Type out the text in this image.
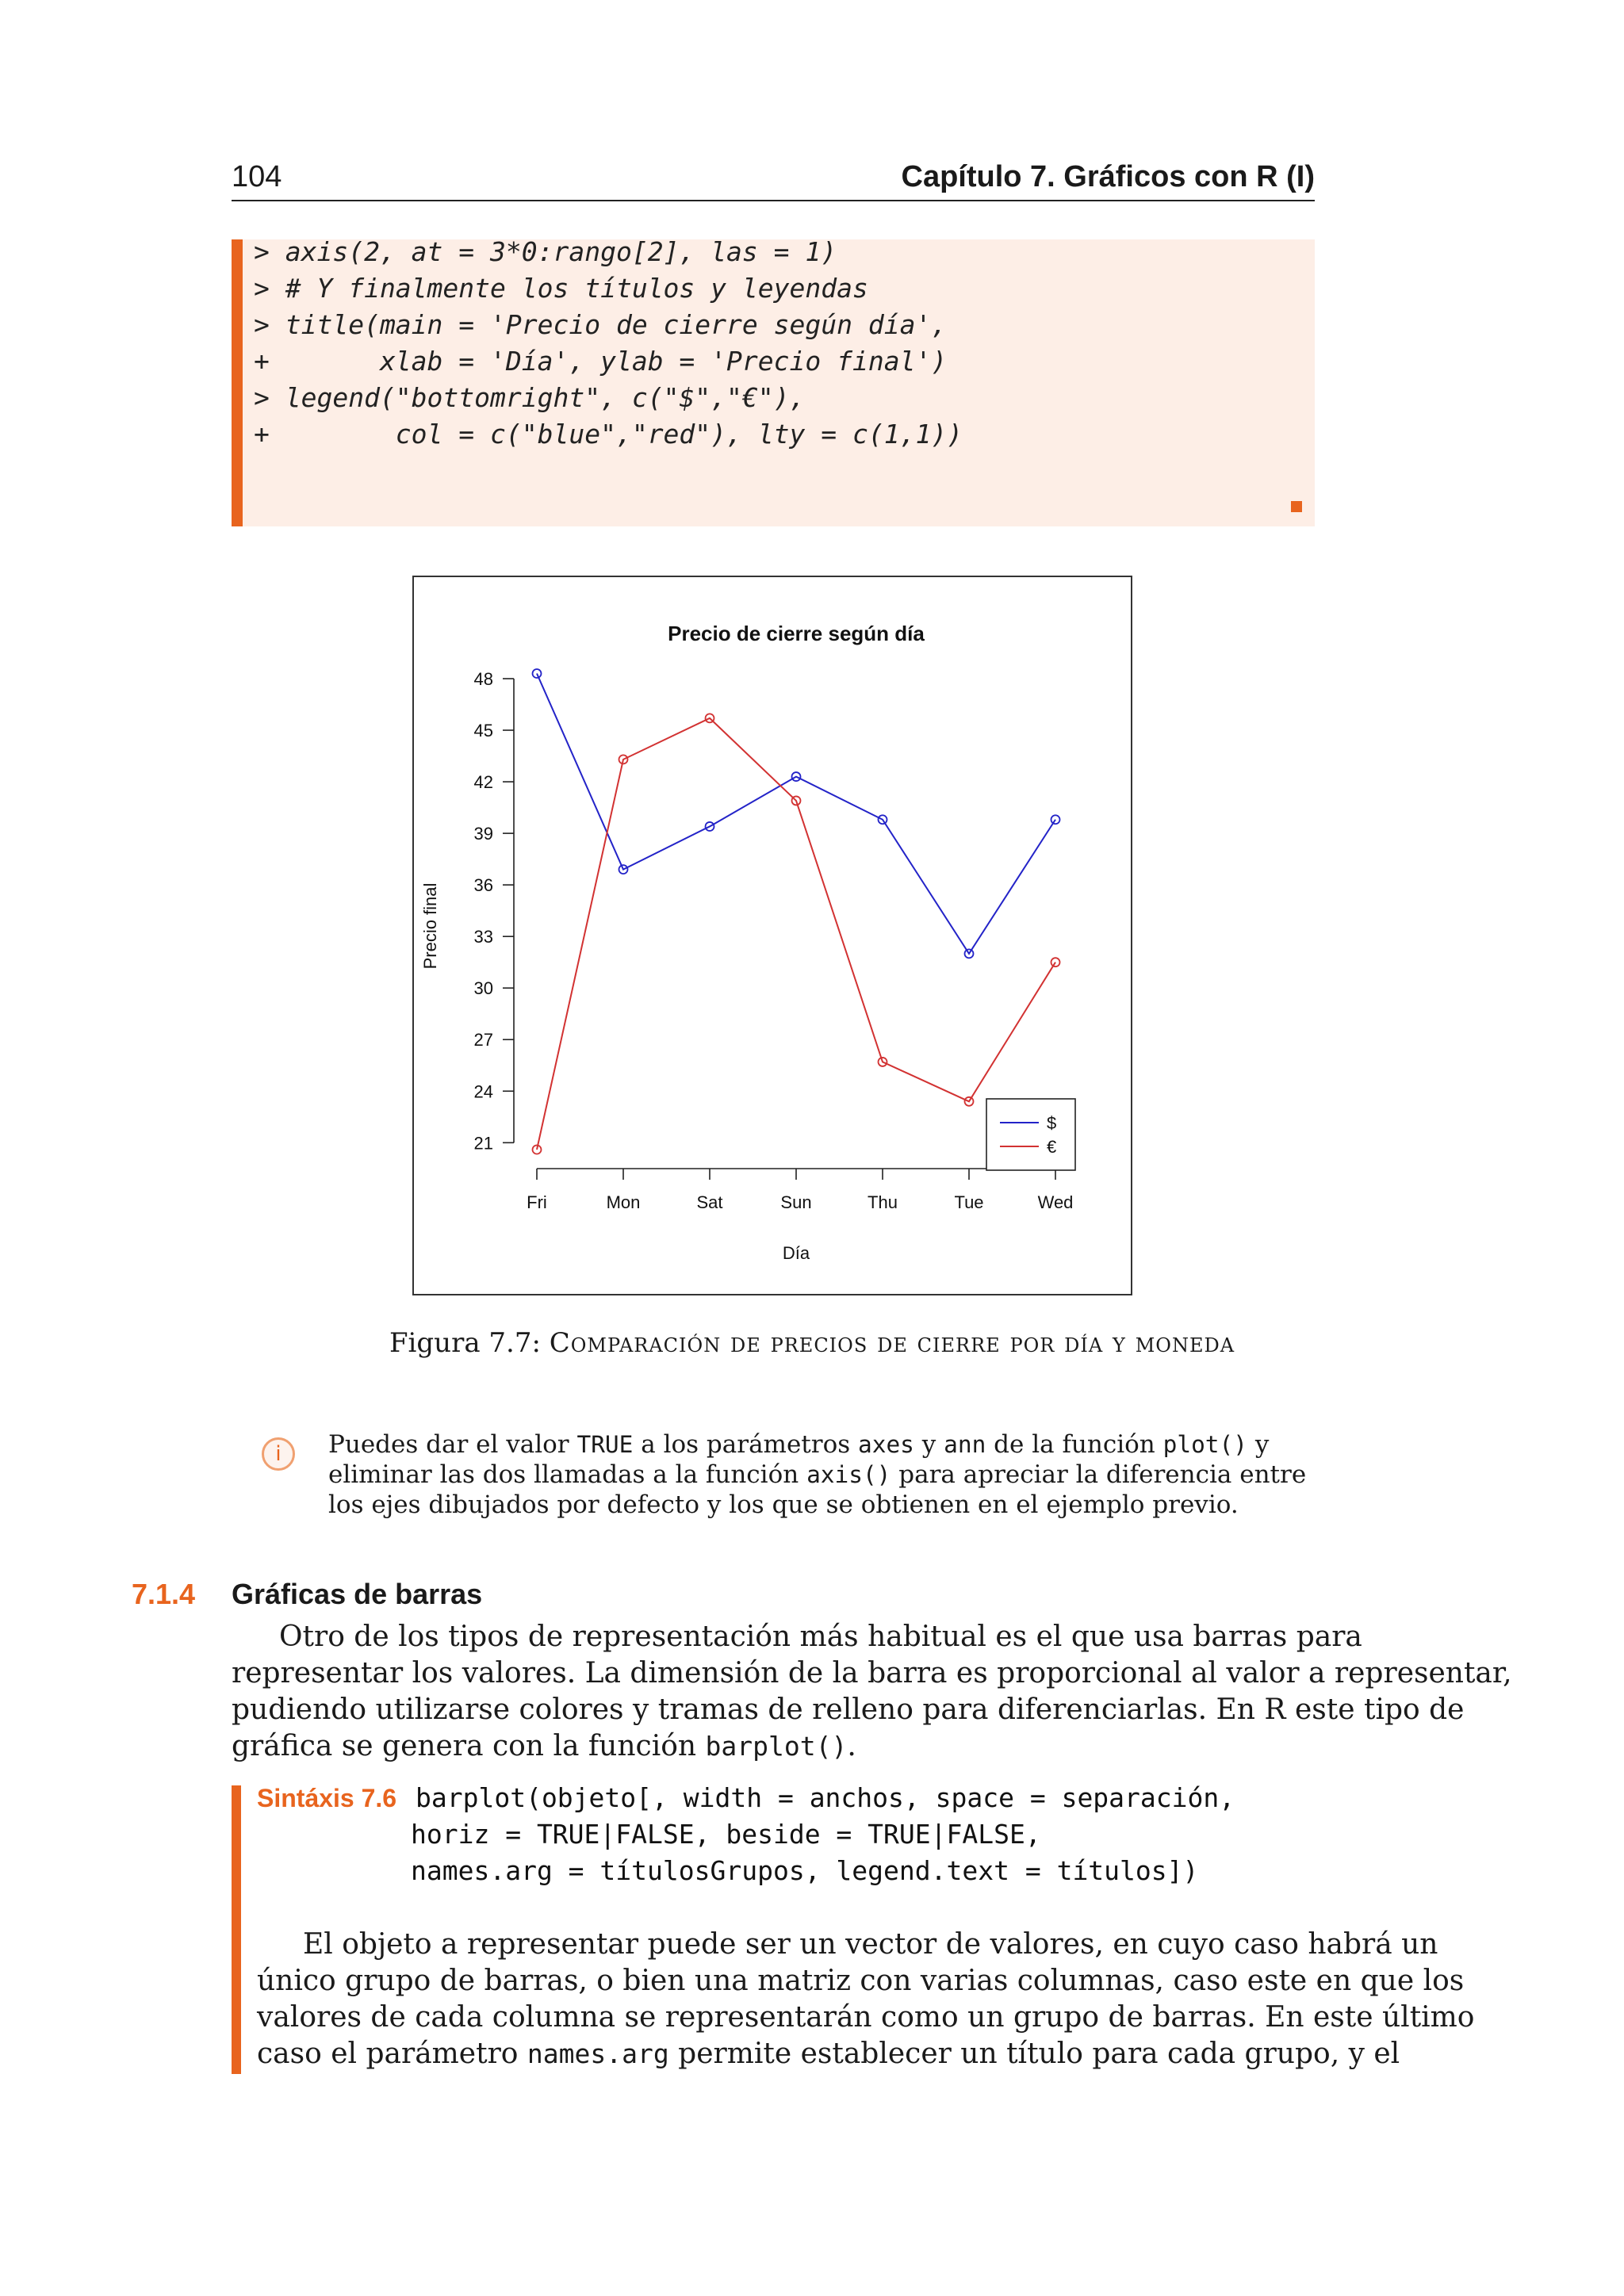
104	Capítulo 7. Gráficos con R (I)
> axis(2, at = 3*0:rango[2], las = 1)
> # Y finalmente los títulos y leyendas
> title(main = 'Precio de cierre según día',
+       xlab = 'Día', ylab = 'Precio final')
> legend("bottomright", c("$","€"),
+        col = c("blue","red"), lty = c(1,1))
Precio de cierre según día
Precio final
Día
21
24
27
30
33
36
39
42
45
48
Fri	Mon	Sat	Sun	Thu	Tue	Wed
$
€
Figura 7.7: Comparación de precios de cierre por día y moneda
i	Puedes dar el valor TRUE a los parámetros axes y ann de la función plot() y
eliminar las dos llamadas a la función axis() para apreciar la diferencia entre
los ejes dibujados por defecto y los que se obtienen en el ejemplo previo.
7.1.4 Gráficas de barras
Otro de los tipos de representación más habitual es el que usa barras para
representar los valores. La dimensión de la barra es proporcional al valor a representar,
pudiendo utilizarse colores y tramas de relleno para diferenciarlas. En R este tipo de
gráfica se genera con la función barplot().
Sintáxis 7.6 barplot(objeto[, width = anchos, space = separación,
horiz = TRUE|FALSE, beside = TRUE|FALSE,
names.arg = títulosGrupos, legend.text = títulos])
El objeto a representar puede ser un vector de valores, en cuyo caso habrá un
único grupo de barras, o bien una matriz con varias columnas, caso este en que los
valores de cada columna se representarán como un grupo de barras. En este último
caso el parámetro names.arg permite establecer un título para cada grupo, y el
